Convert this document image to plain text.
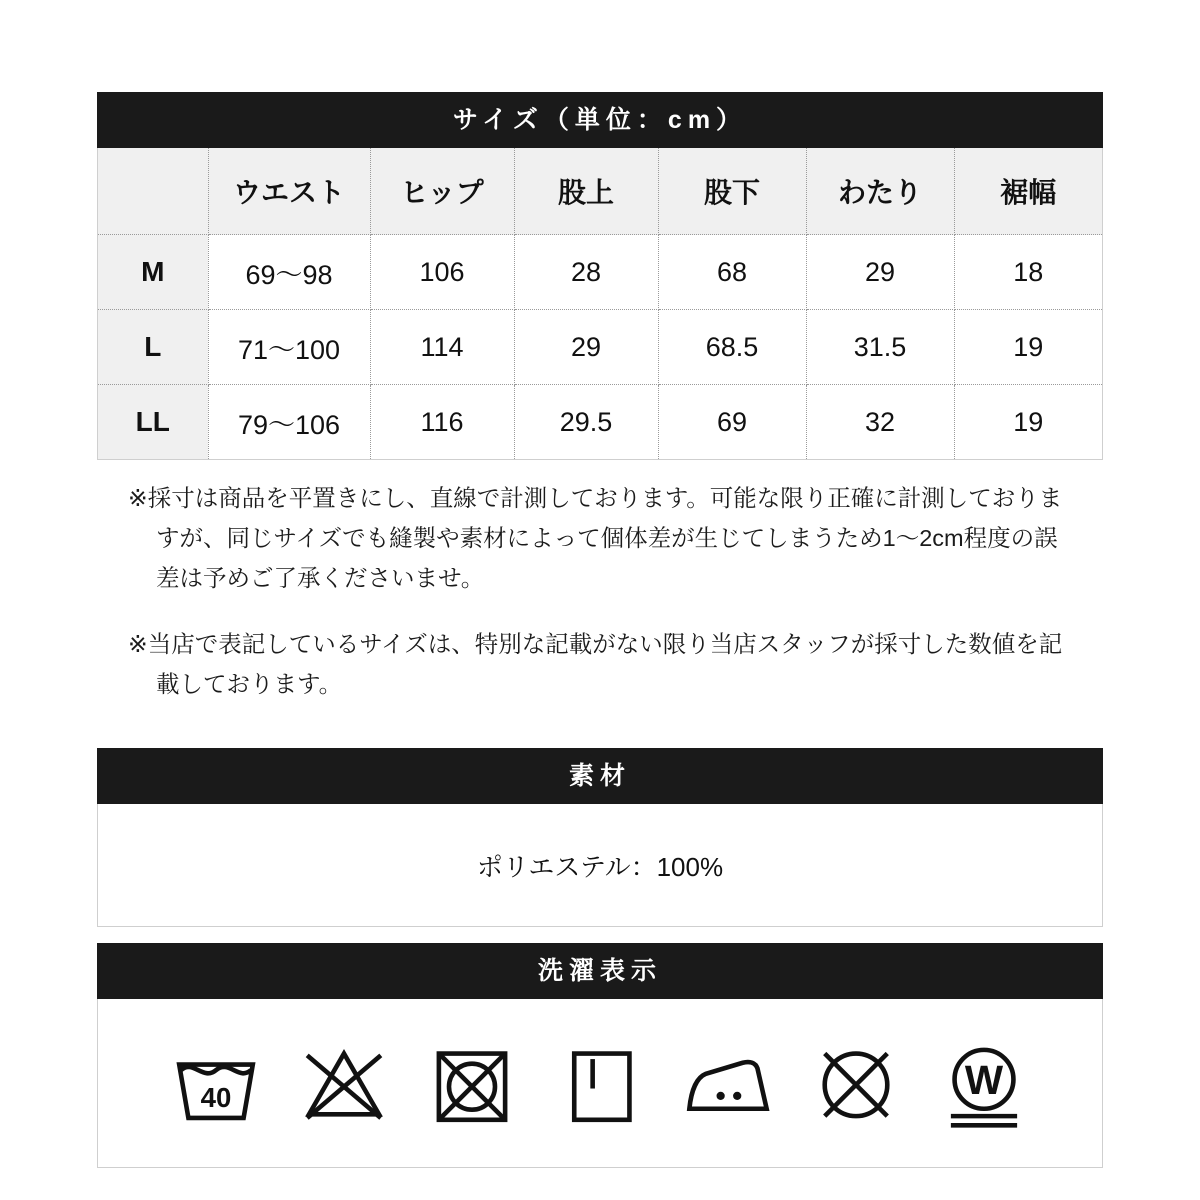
サイズ（単位：cm）
	ウエスト	ヒップ	股上	股下	わたり	裾幅
M	69〜98	106	28	68	29	18
L	71〜100	114	29	68.5	31.5	19
LL	79〜106	116	29.5	69	32	19

※採寸は商品を平置きにし、直線で計測しております。可能な限り正確に計測しておりますが、同じサイズでも縫製や素材によって個体差が生じてしまうため1〜2cm程度の誤差は予めご了承くださいませ。

※当店で表記しているサイズは、特別な記載がない限り当店スタッフが採寸した数値を記載しております。

素材
ポリエステル：100%
洗濯表示
40	W
